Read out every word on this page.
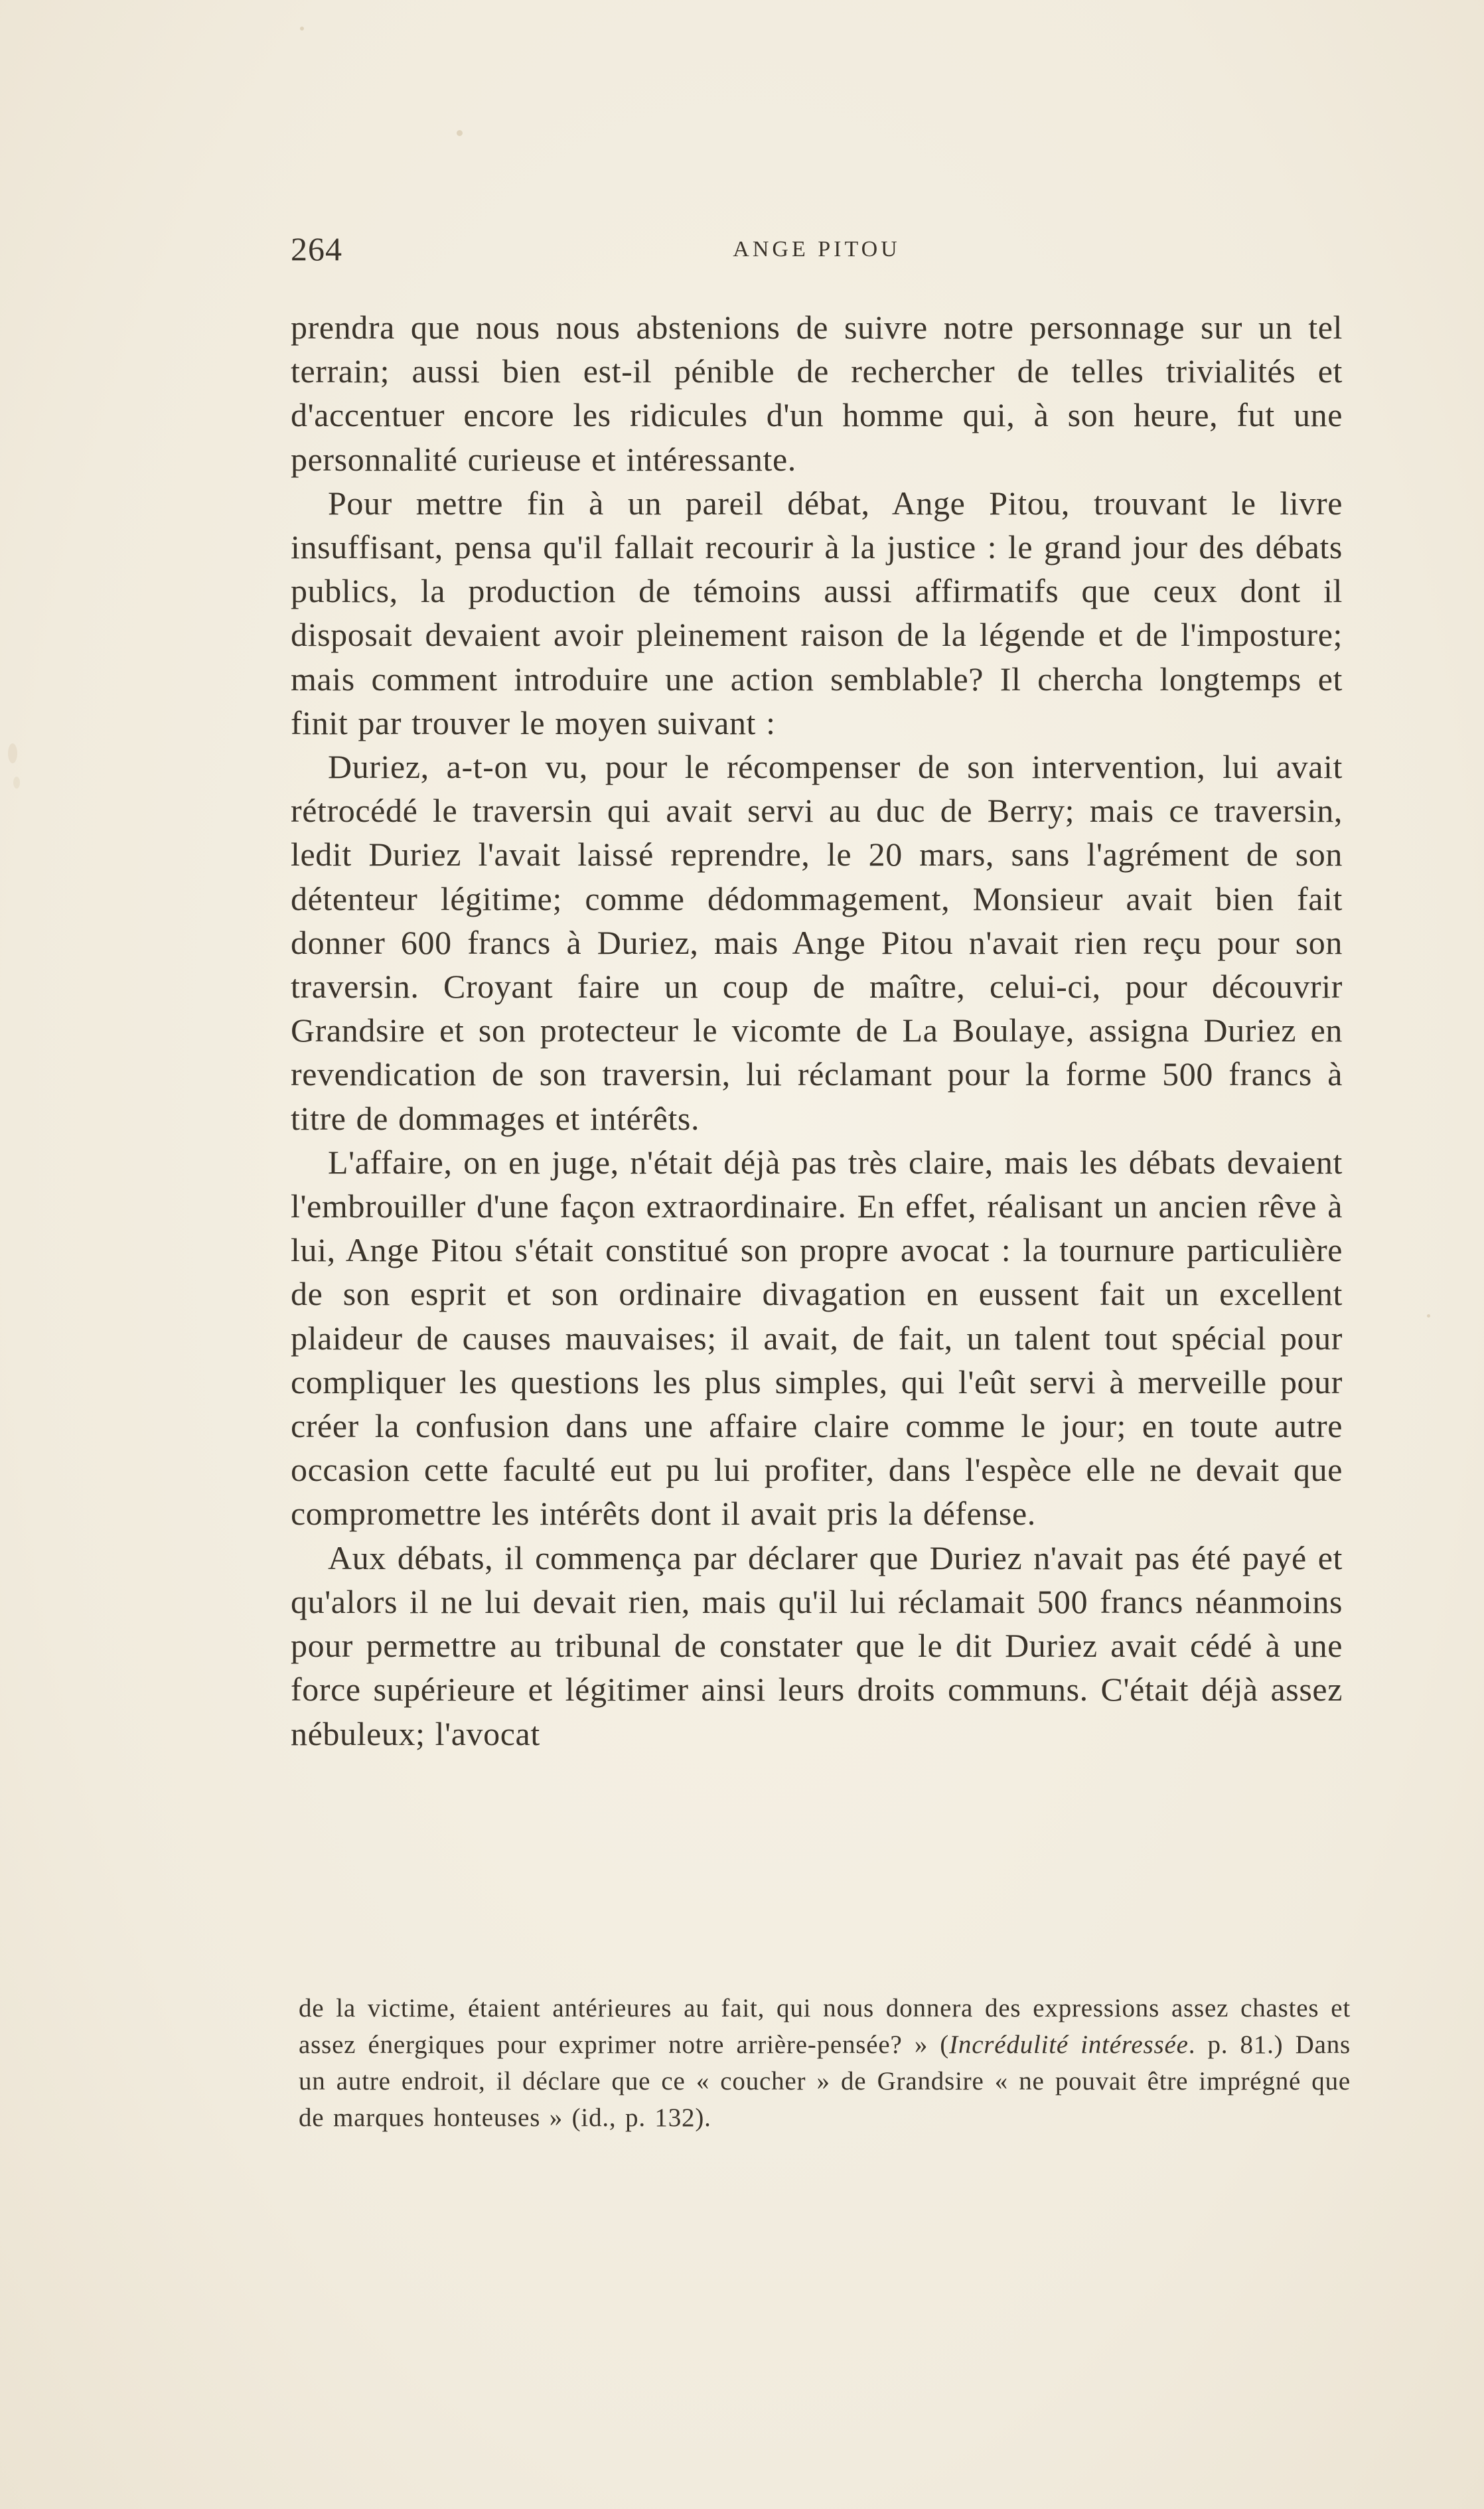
264	ANGE PITOU

prendra que nous nous abstenions de suivre notre personnage sur un tel terrain; aussi bien est-il pénible de rechercher de telles trivialités et d'accentuer encore les ridicules d'un homme qui, à son heure, fut une personnalité curieuse et intéressante.

Pour mettre fin à un pareil débat, Ange Pitou, trouvant le livre insuffisant, pensa qu'il fallait recourir à la justice : le grand jour des débats publics, la production de témoins aussi affirmatifs que ceux dont il disposait devaient avoir pleinement raison de la légende et de l'imposture; mais comment introduire une action semblable? Il chercha longtemps et finit par trouver le moyen suivant :

Duriez, a-t-on vu, pour le récompenser de son intervention, lui avait rétrocédé le traversin qui avait servi au duc de Berry; mais ce traversin, ledit Duriez l'avait laissé reprendre, le 20 mars, sans l'agrément de son détenteur légitime; comme dédommagement, Monsieur avait bien fait donner 600 francs à Duriez, mais Ange Pitou n'avait rien reçu pour son traversin. Croyant faire un coup de maître, celui-ci, pour découvrir Grandsire et son protecteur le vicomte de La Boulaye, assigna Duriez en revendication de son traversin, lui réclamant pour la forme 500 francs à titre de dommages et intérêts.

L'affaire, on en juge, n'était déjà pas très claire, mais les débats devaient l'embrouiller d'une façon extraordinaire. En effet, réalisant un ancien rêve à lui, Ange Pitou s'était constitué son propre avocat : la tournure particulière de son esprit et son ordinaire divagation en eussent fait un excellent plaideur de causes mauvaises; il avait, de fait, un talent tout spécial pour compliquer les questions les plus simples, qui l'eût servi à merveille pour créer la confusion dans une affaire claire comme le jour; en toute autre occasion cette faculté eut pu lui profiter, dans l'espèce elle ne devait que compromettre les intérêts dont il avait pris la défense.

Aux débats, il commença par déclarer que Duriez n'avait pas été payé et qu'alors il ne lui devait rien, mais qu'il lui réclamait 500 francs néanmoins pour permettre au tribunal de constater que le dit Duriez avait cédé à une force supérieure et légitimer ainsi leurs droits communs. C'était déjà assez nébuleux; l'avocat

de la victime, étaient antérieures au fait, qui nous donnera des expressions assez chastes et assez énergiques pour exprimer notre arrière-pensée? » (Incrédulité intéressée. p. 81.) Dans un autre endroit, il déclare que ce « coucher » de Grandsire « ne pouvait être imprégné que de marques honteuses » (id., p. 132).
